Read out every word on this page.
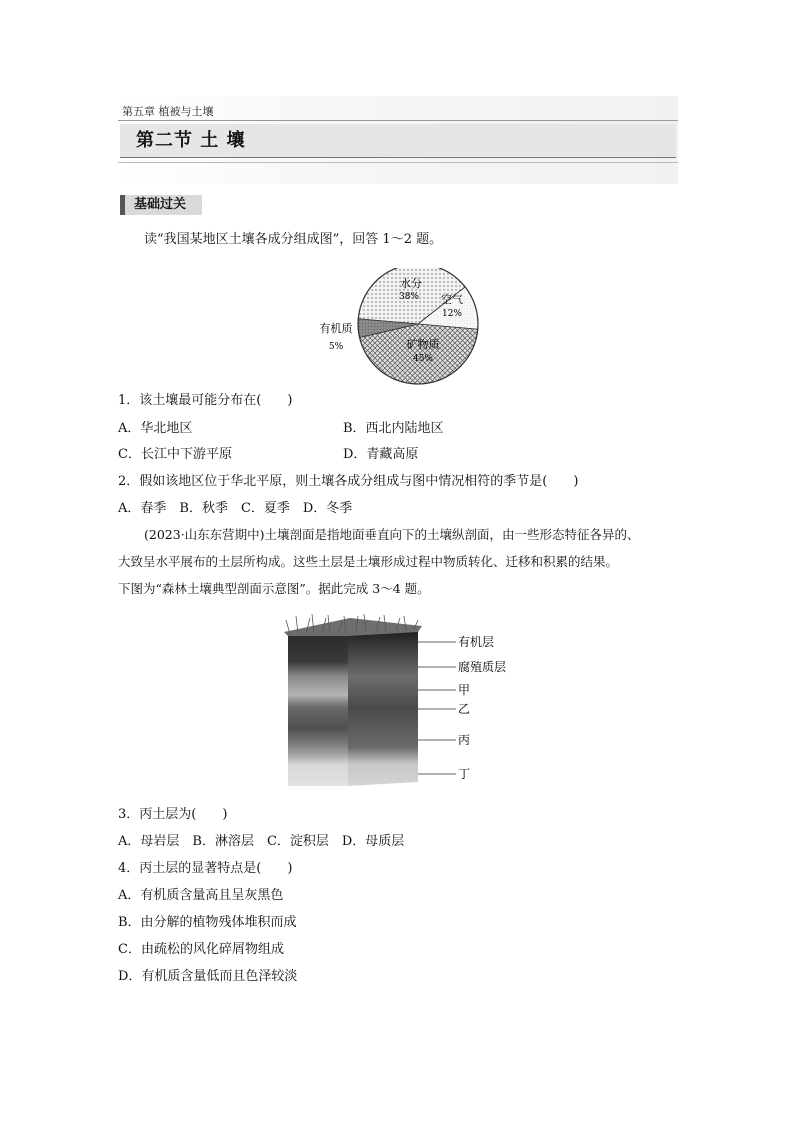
第五章 植被与土壤
第二节 土 壤
基础过关
读“我国某地区土壤各成分组成图”，回答 1～2 题。
水分
38% 空气
12%
矿物质
45%
有机质
5%
1．该土壤最可能分布在(　　)
A．华北地区	B．西北内陆地区
C．长江中下游平原	D．青藏高原
2．假如该地区位于华北平原，则土壤各成分组成与图中情况相符的季节是(　　)
A．春季　B．秋季　C．夏季　D．冬季
(2023·山东东营期中)土壤剖面是指地面垂直向下的土壤纵剖面，由一些形态特征各异的、
大致呈水平展布的土层所构成。这些土层是土壤形成过程中物质转化、迁移和积累的结果。
下图为“森林土壤典型剖面示意图”。据此完成 3～4 题。
有机层
腐殖质层
甲
乙
丙
丁
3．丙土层为(　　)
A．母岩层　B．淋溶层　C．淀积层　D．母质层
4．丙土层的显著特点是(　　)
A．有机质含量高且呈灰黑色
B．由分解的植物残体堆积而成
C．由疏松的风化碎屑物组成
D．有机质含量低而且色泽较淡
